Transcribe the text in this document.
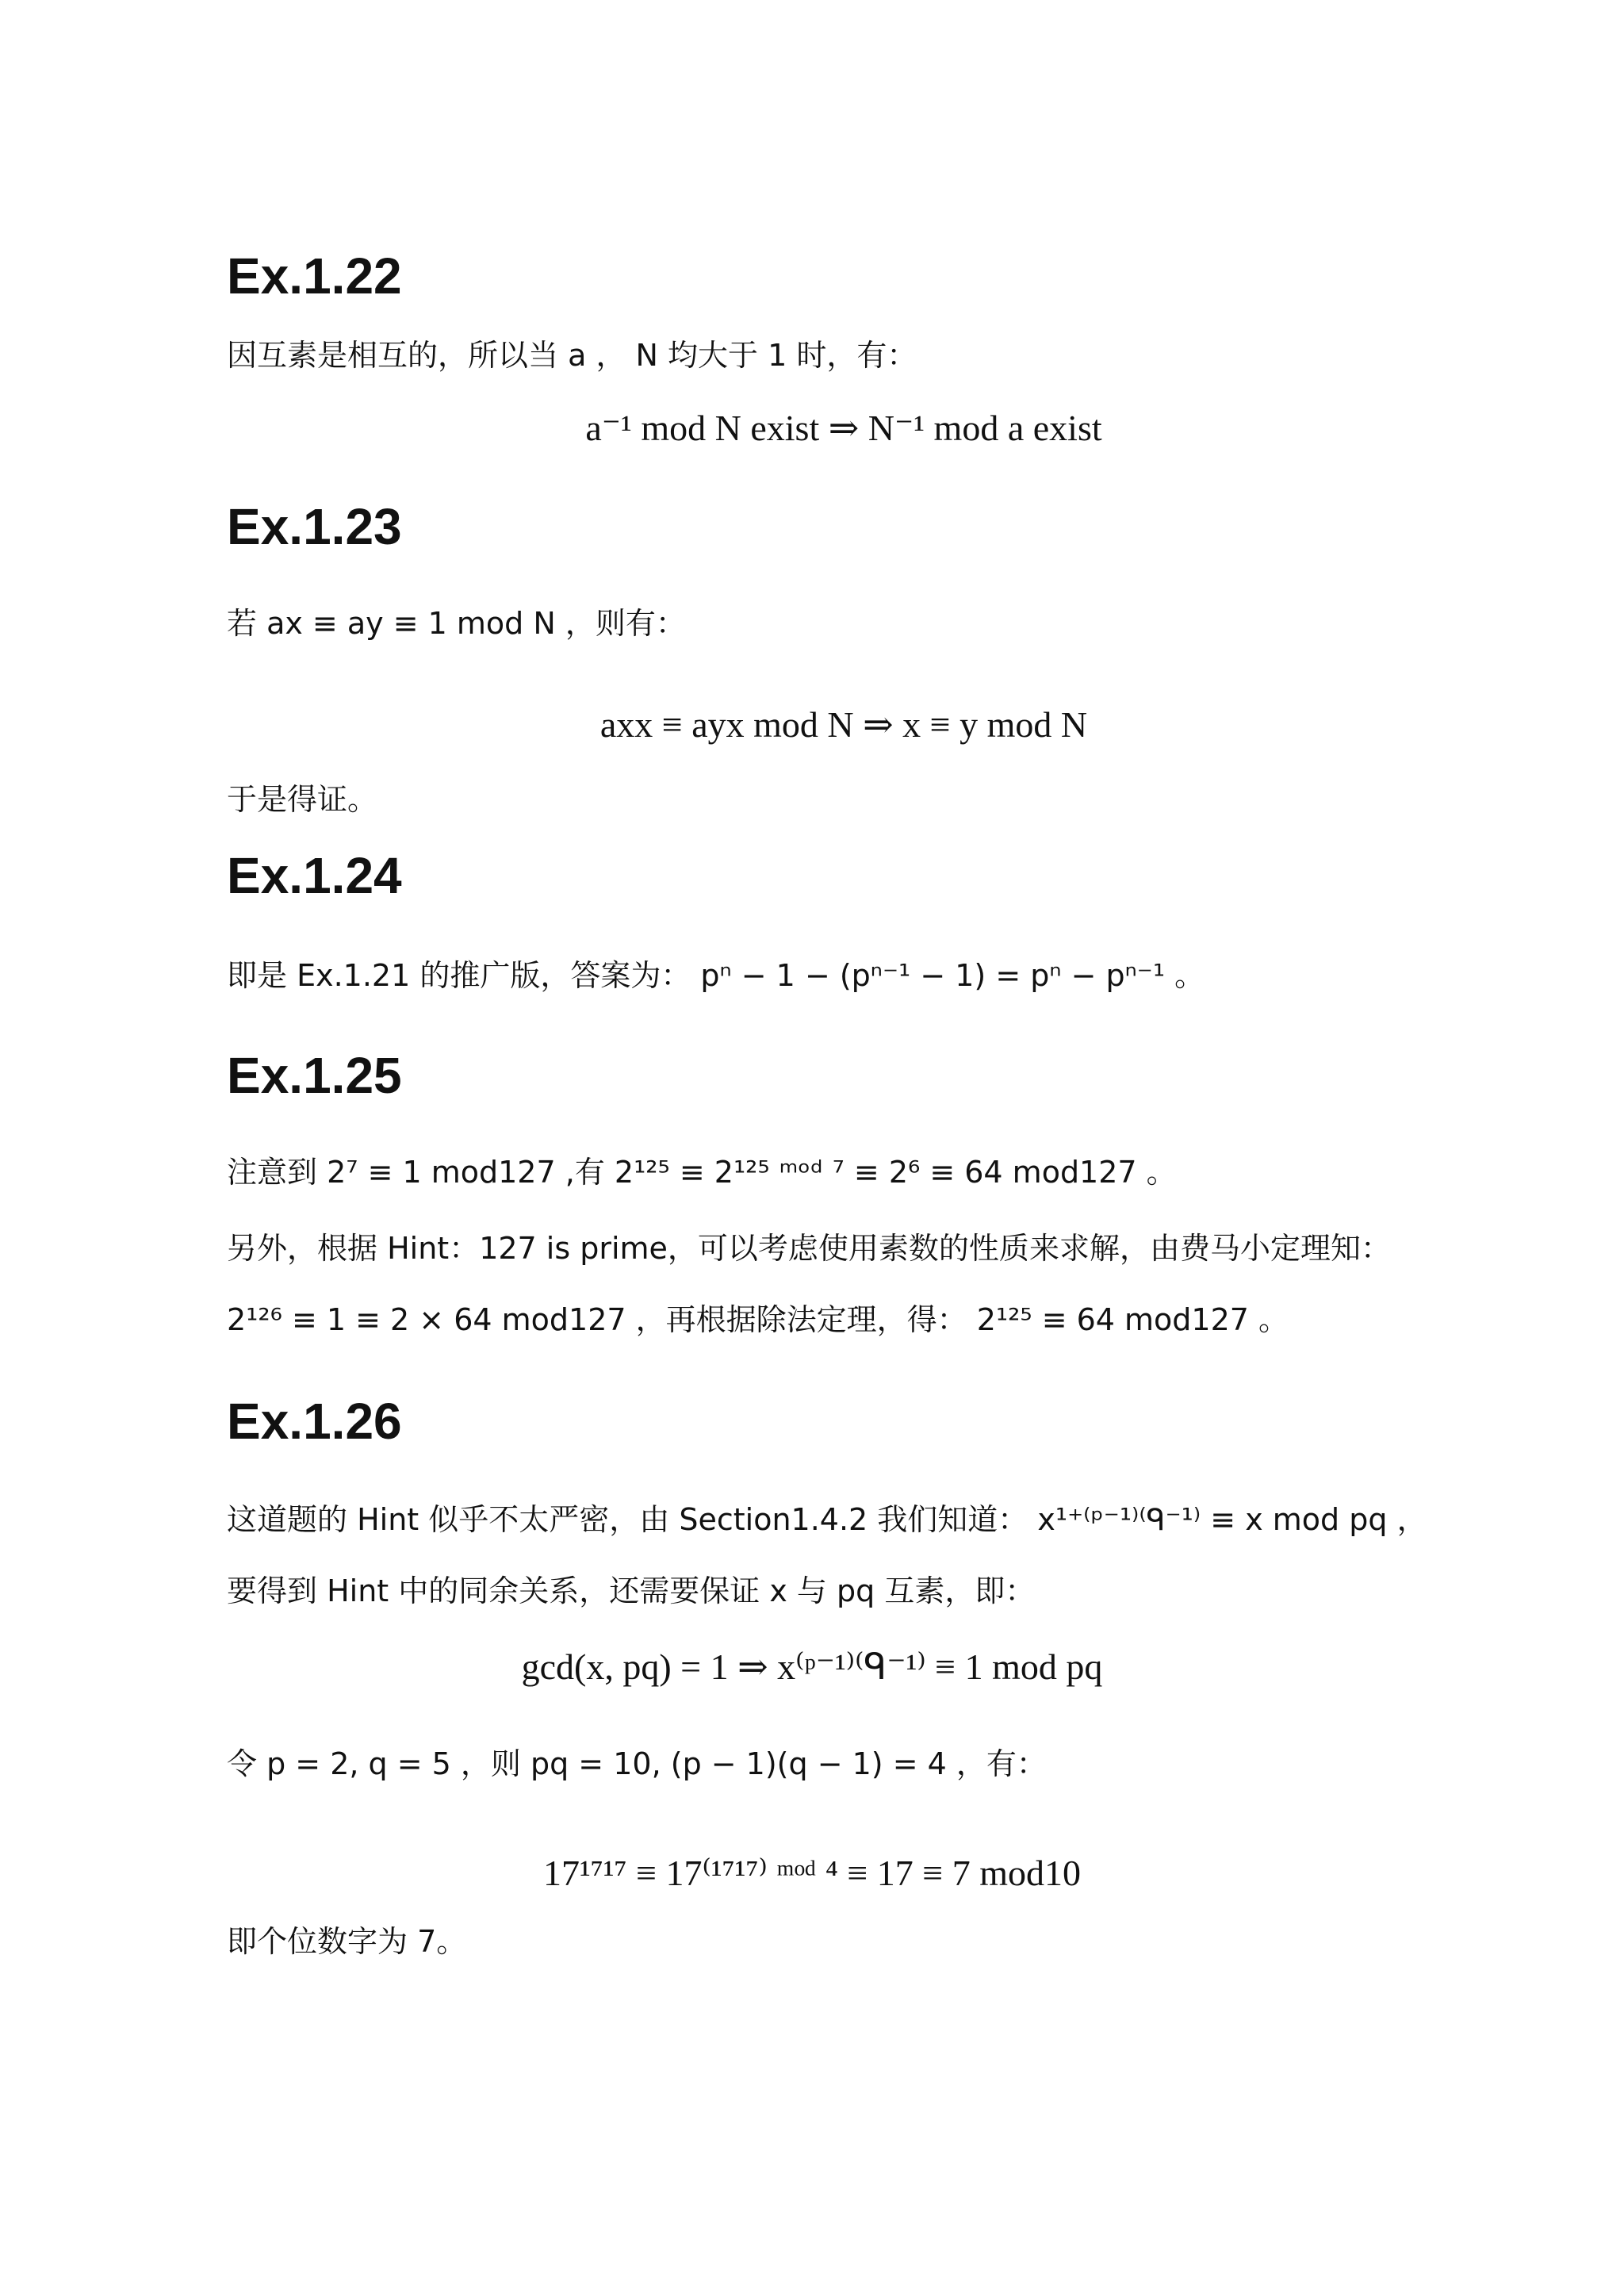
Ex.1.22

因互素是相互的，所以当 a ， N 均大于 1 时，有：

a⁻¹ mod N exist ⇒ N⁻¹ mod a exist

Ex.1.23

若 ax ≡ ay ≡ 1 mod N ，则有：

axx ≡ ayx mod N ⇒ x ≡ y mod N

于是得证。

Ex.1.24

即是 Ex.1.21 的推广版，答案为： pⁿ − 1 − (pⁿ⁻¹ − 1) = pⁿ − pⁿ⁻¹ 。

Ex.1.25

注意到 2⁷ ≡ 1 mod127 ,有 2¹²⁵ ≡ 2¹²⁵ ᵐᵒᵈ ⁷ ≡ 2⁶ ≡ 64 mod127 。

另外，根据 Hint：127 is prime，可以考虑使用素数的性质来求解，由费马小定理知：

2¹²⁶ ≡ 1 ≡ 2 × 64 mod127 ，再根据除法定理，得： 2¹²⁵ ≡ 64 mod127 。

Ex.1.26

这道题的 Hint 似乎不太严密，由 Section1.4.2 我们知道： x¹⁺⁽ᵖ⁻¹⁾⁽ᑫ⁻¹⁾ ≡ x mod pq ，

要得到 Hint 中的同余关系，还需要保证 x 与 pq 互素，即：

gcd(x, pq) = 1 ⇒ x⁽ᵖ⁻¹⁾⁽ᑫ⁻¹⁾ ≡ 1 mod pq

令 p = 2, q = 5 ，则 pq = 10, (p − 1)(q − 1) = 4 ，有：

17¹⁷¹⁷ ≡ 17⁽¹⁷¹⁷⁾ ᵐᵒᵈ ⁴ ≡ 17 ≡ 7 mod10

即个位数字为 7。
